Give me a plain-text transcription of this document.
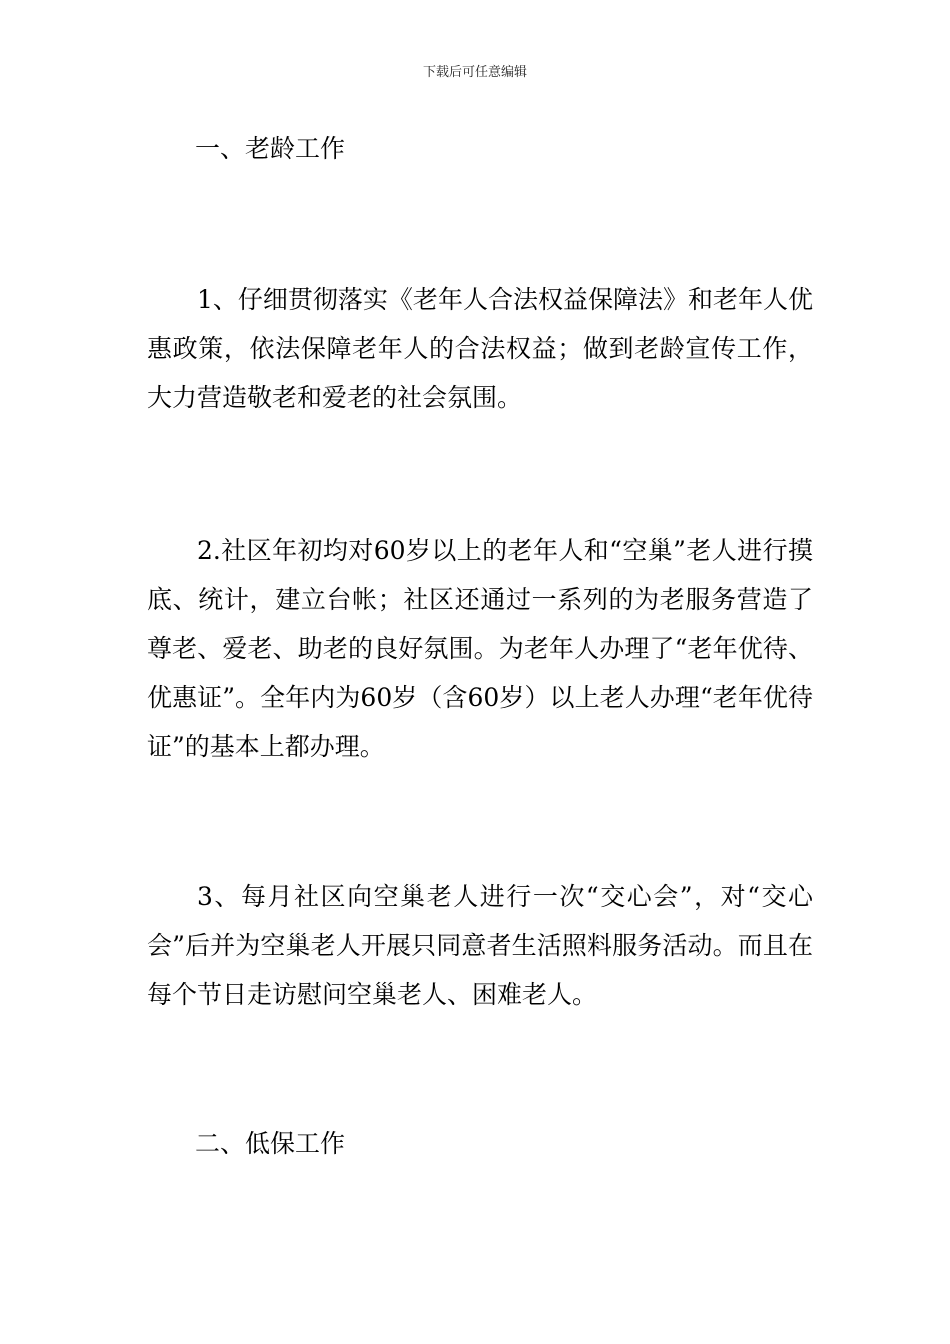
下载后可任意编辑
一、老龄工作

1、仔细贯彻落实《老年人合法权益保障法》和老年人优惠政策，依法保障老年人的合法权益；做到老龄宣传工作，大力营造敬老和爱老的社会氛围。

2.社区年初均对60岁以上的老年人和“空巢”老人进行摸底、统计，建立台帐；社区还通过一系列的为老服务营造了尊老、爱老、助老的良好氛围。为老年人办理了“老年优待、优惠证”。全年内为60岁（含60岁）以上老人办理“老年优待证”的基本上都办理。

3、每月社区向空巢老人进行一次“交心会”，对“交心会”后并为空巢老人开展只同意者生活照料服务活动。而且在每个节日走访慰问空巢老人、困难老人。

二、低保工作
